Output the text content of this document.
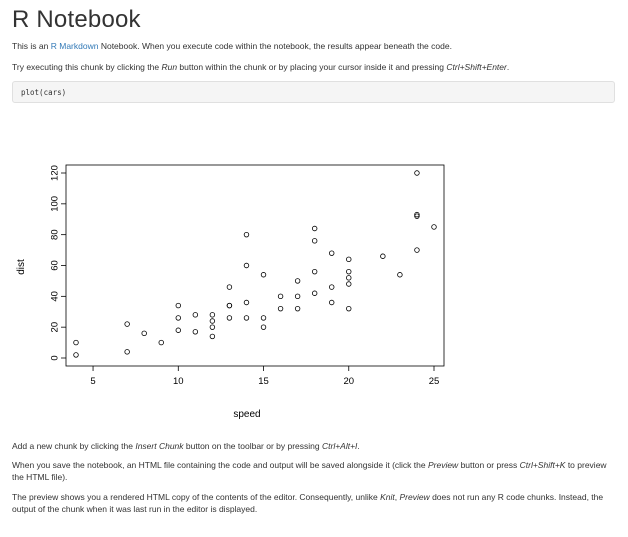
R Notebook

This is an R Markdown Notebook. When you execute code within the notebook, the results appear beneath the code.

Try executing this chunk by clicking the Run button within the chunk or by placing your cursor inside it and pressing Ctrl+Shift+Enter.

plot(cars)
5	10	15	20	25
0
20
40
60
80
100
120
speed
dist

Add a new chunk by clicking the Insert Chunk button on the toolbar or by pressing Ctrl+Alt+I.

When you save the notebook, an HTML file containing the code and output will be saved alongside it (click the Preview button or press Ctrl+Shift+K to preview the HTML file).

The preview shows you a rendered HTML copy of the contents of the editor. Consequently, unlike Knit, Preview does not run any R code chunks. Instead, the output of the chunk when it was last run in the editor is displayed.
